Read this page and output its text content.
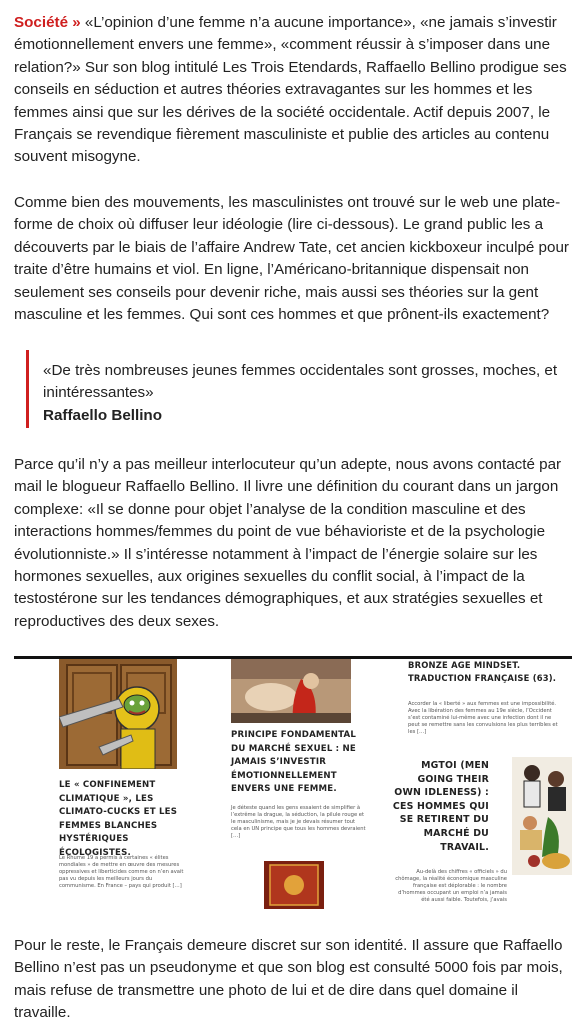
Société » «L’opinion d’une femme n’a aucune importance», «ne jamais s’investir émotionnellement envers une femme», «comment réussir à s’imposer dans une relation?» Sur son blog intitulé Les Trois Etendards, Raffaello Bellino prodigue ses conseils en séduction et autres théories extravagantes sur les hommes et les femmes ainsi que sur les dérives de la société occidentale. Actif depuis 2007, le Français se revendique fièrement masculiniste et publie des articles au contenu souvent misogyne.

Comme bien des mouvements, les masculinistes ont trouvé sur le web une plate-forme de choix où diffuser leur idéologie (lire ci-dessous). Le grand public les a découverts par le biais de l’affaire Andrew Tate, cet ancien kickboxeur inculpé pour traite d’être humains et viol. En ligne, l’Américano-britannique dispensait non seulement ses conseils pour devenir riche, mais aussi ses théories sur la gent masculine et les femmes. Qui sont ces hommes et que prônent-ils exactement?

«De très nombreuses jeunes femmes occidentales sont grosses, moches, et inintéressantes»
Raffaello Bellino

Parce qu’il n’y a pas meilleur interlocuteur qu’un adepte, nous avons contacté par mail le blogueur Raffaello Bellino. Il livre une définition du courant dans un jargon complexe: «Il se donne pour objet l’analyse de la condition masculine et des interactions hommes/femmes du point de vue béhavioriste et de la psychologie évolutionniste.» Il s’intéresse notamment à l’impact de l’énergie solaire sur les hormones sexuelles, aux origines sexuelles du conflit social, à l’impact de la testostérone sur les tendances démographiques, et aux stratégies sexuelles et reproductives des deux sexes.

Pour le reste, le Français demeure discret sur son identité. Il assure que Raffaello Bellino n’est pas un pseudonyme et que son blog est consulté 5000 fois par mois, mais refuse de transmettre une photo de lui et de dire dans quel domaine il travaille.

LE « CONFINEMENT CLIMATIQUE », LES CLIMATO-CUCKS ET LES FEMMES BLANCHES HYSTÉRIQUES ÉCOLOGISTES.
Le Rhume 19 a permis à certaines « élites mondiales » de mettre en œuvre des mesures oppressives et liberticides comme on n’en avait pas vu depuis les meilleurs jours du communisme. En France – pays qui produit […]
PRINCIPE FONDAMENTAL DU MARCHÉ SEXUEL : NE JAMAIS S’INVESTIR ÉMOTIONNELLEMENT ENVERS UNE FEMME.
Je déteste quand les gens essaient de simplifier à l’extrême la drague, la séduction, la pilule rouge et le masculinisme, mais je je devais résumer tout cela en UN principe que tous les hommes devraient […]
BRONZE AGE MINDSET. TRADUCTION FRANÇAISE (63).
Accorder la « liberté » aux femmes est une impossibilité. Avec la libération des femmes au 19e siècle, l’Occident s’est contaminé lui-même avec une infection dont il ne peut se remettre sans les convulsions les plus terribles et les […]
MGTOI (MEN GOING THEIR OWN IDLENESS) : CES HOMMES QUI SE RETIRENT DU MARCHÉ DU TRAVAIL.
Au-delà des chiffres « officiels » du chômage, la réalité économique masculine française est déplorable : le nombre d’hommes occupant un emploi n’a jamais été aussi faible. Toutefois, j’avais
